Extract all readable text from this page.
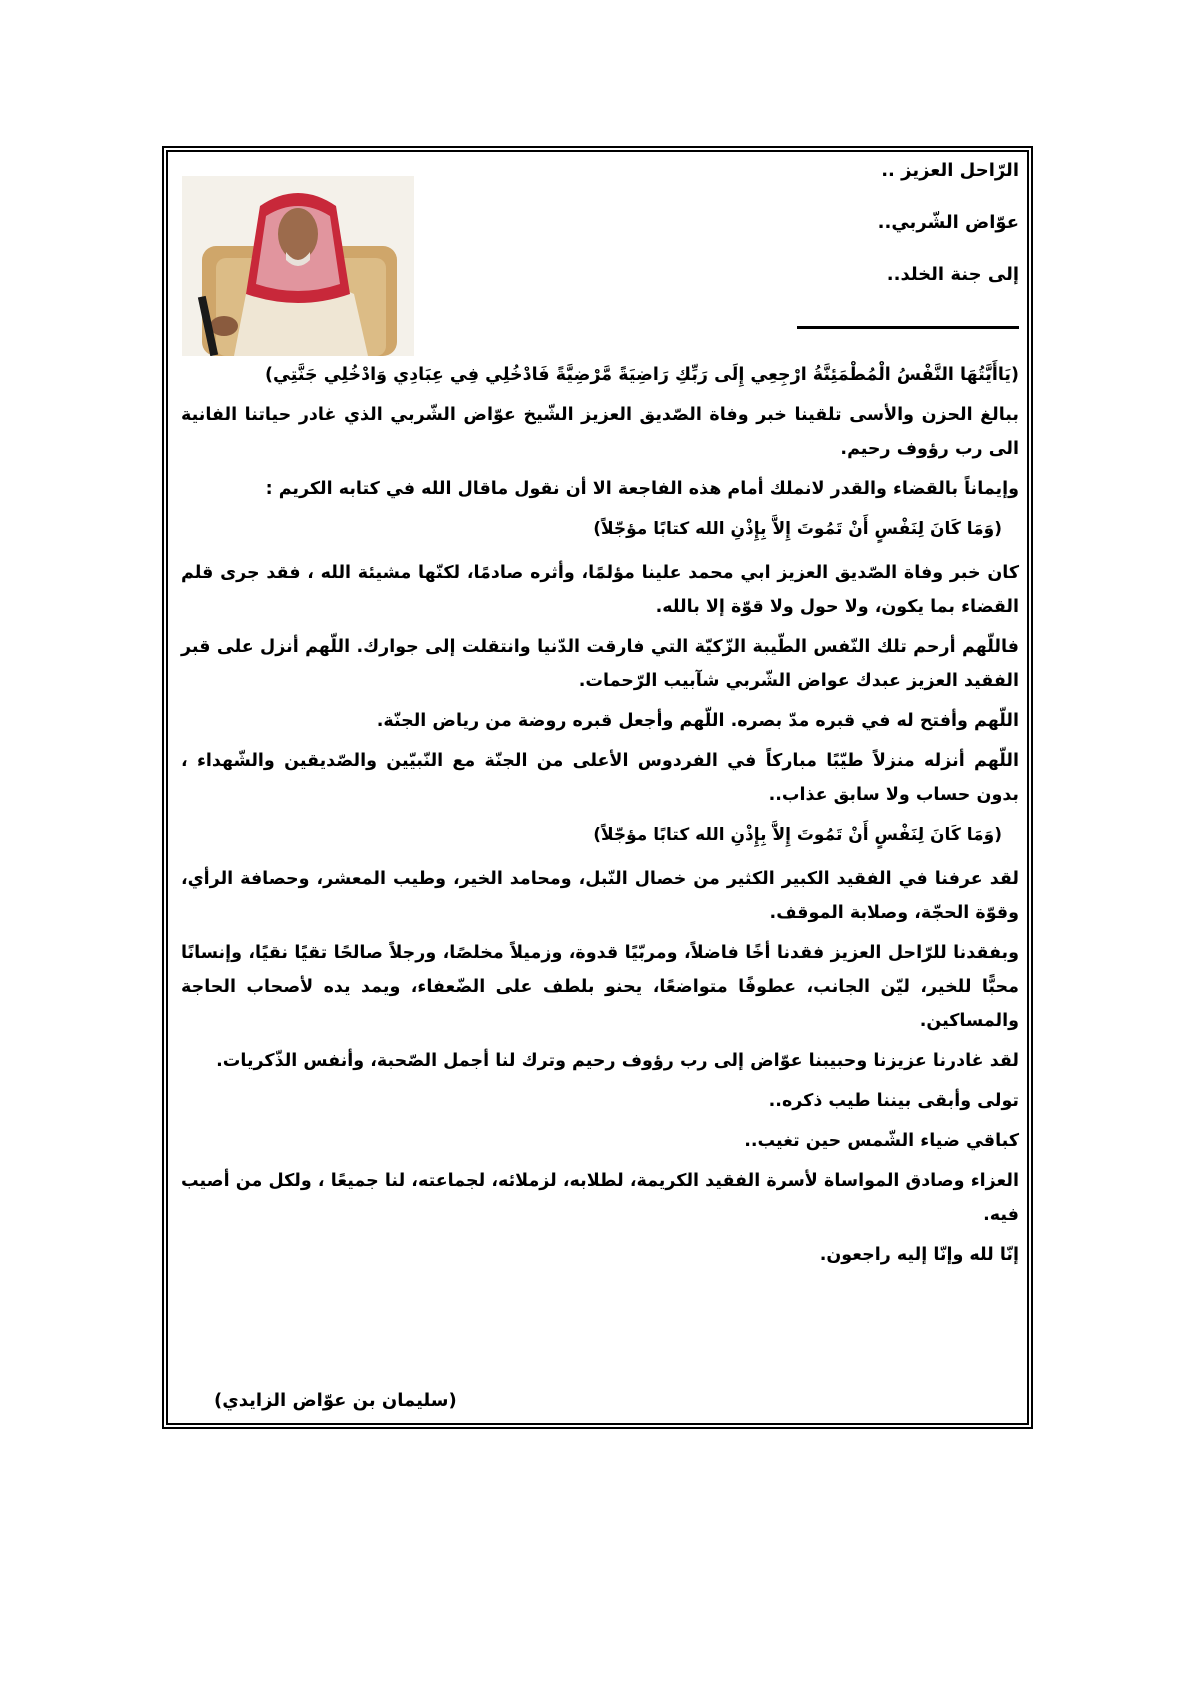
الرّاحل العزيز ..
عوّاض الشّربي..
إلى جنة الخلد..

(يَاأَيَّتُهَا النَّفْسُ الْمُطْمَئِنَّةُ ارْجِعِي إِلَى رَبِّكِ رَاضِيَةً مَّرْضِيَّةً فَادْخُلِي فِي عِبَادِي وَادْخُلِي جَنَّتِي)

ببالغ الحزن والأسى تلقينا خبر وفاة الصّديق العزيز الشّيخ عوّاض الشّربي الذي غادر حياتنا الفانية الى رب رؤوف رحيم.

وإيماناً بالقضاء والقدر لانملك أمام هذه الفاجعة الا أن نقول ماقال الله في كتابه الكريم :

(وَمَا كَانَ لِنَفْسٍ أَنْ تَمُوتَ إِلاَّ بِإِذْنِ الله كتابًا مؤجّلاً)

كان خبر وفاة الصّديق العزيز ابي محمد علينا مؤلمًا، وأثره صادمًا، لكنّها مشيئة الله ، فقد جرى قلم القضاء بما يكون، ولا حول ولا قوّة إلا بالله.

فاللّهم أرحم تلك النّفس الطّيبة الزّكيّة التي فارقت الدّنيا وانتقلت إلى جوارك. اللّهم أنزل على قبر الفقيد العزيز عبدك عواض الشّربي شآبيب الرّحمات.

اللّهم وأفتح له في قبره مدّ بصره. اللّهم وأجعل قبره روضة من رياض الجنّة.

اللّهم أنزله منزلاً طيّبًا مباركاً في الفردوس الأعلى من الجنّة مع النّبيّين والصّديقين والشّهداء ، بدون حساب ولا سابق عذاب..

(وَمَا كَانَ لِنَفْسٍ أَنْ تَمُوتَ إِلاَّ بِإِذْنِ الله كتابًا مؤجّلاً)

لقد عرفنا في الفقيد الكبير الكثير من خصال النّبل، ومحامد الخير، وطيب المعشر، وحصافة الرأي، وقوّة الحجّة، وصلابة الموقف.

وبفقدنا للرّاحل العزيز فقدنا أخًا فاضلاً، ومربّيًا قدوة، وزميلاً مخلصًا، ورجلاً صالحًا تقيًا نقيًا، وإنسانًا محبًّا للخير، ليّن الجانب، عطوفًا متواضعًا، يحنو بلطف على الضّعفاء، ويمد يده لأصحاب الحاجة والمساكين.

لقد غادرنا عزيزنا وحبيبنا عوّاض إلى رب رؤوف رحيم وترك لنا أجمل الصّحبة، وأنفس الذّكريات.

تولى وأبقى بيننا طيب ذكره..

كباقي ضياء الشّمس حين تغيب..

العزاء وصادق المواساة لأسرة الفقيد الكريمة، لطلابه، لزملائه، لجماعته، لنا جميعًا ، ولكل من أصيب فيه.

إنّا لله وإنّا إليه راجعون.

(سليمان بن عوّاض الزايدي)
